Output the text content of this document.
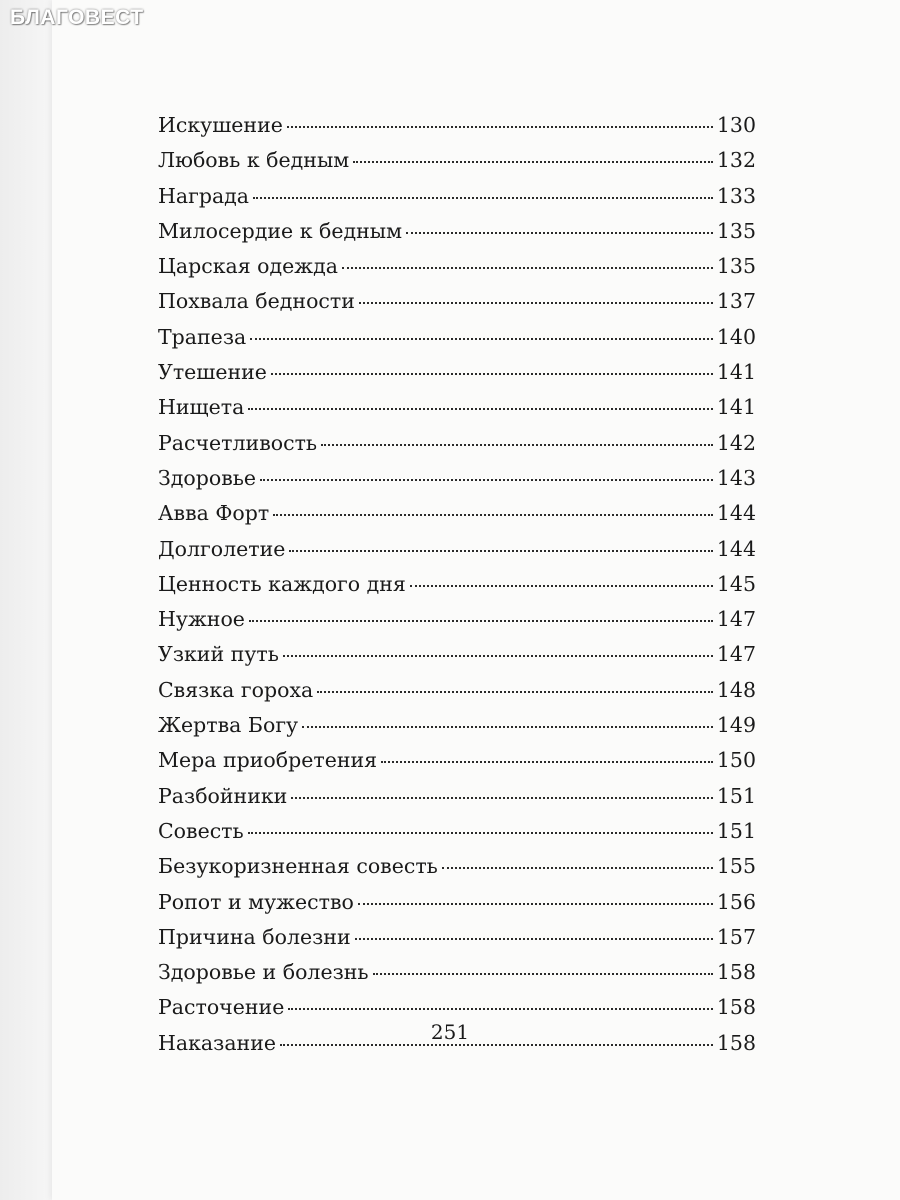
БЛАГОВЕСТ

Искушение	130
Любовь к бедным	132
Награда	133
Милосердие к бедным	135
Царская одежда	135
Похвала бедности	137
Трапеза	140
Утешение	141
Нищета	141
Расчетливость	142
Здоровье	143
Авва Форт	144
Долголетие	144
Ценность каждого дня	145
Нужное	147
Узкий путь	147
Связка гороха	148
Жертва Богу	149
Мера приобретения	150
Разбойники	151
Совесть	151
Безукоризненная совесть	155
Ропот и мужество	156
Причина болезни	157
Здоровье и болезнь	158
Расточение	158
Наказание	158
251
